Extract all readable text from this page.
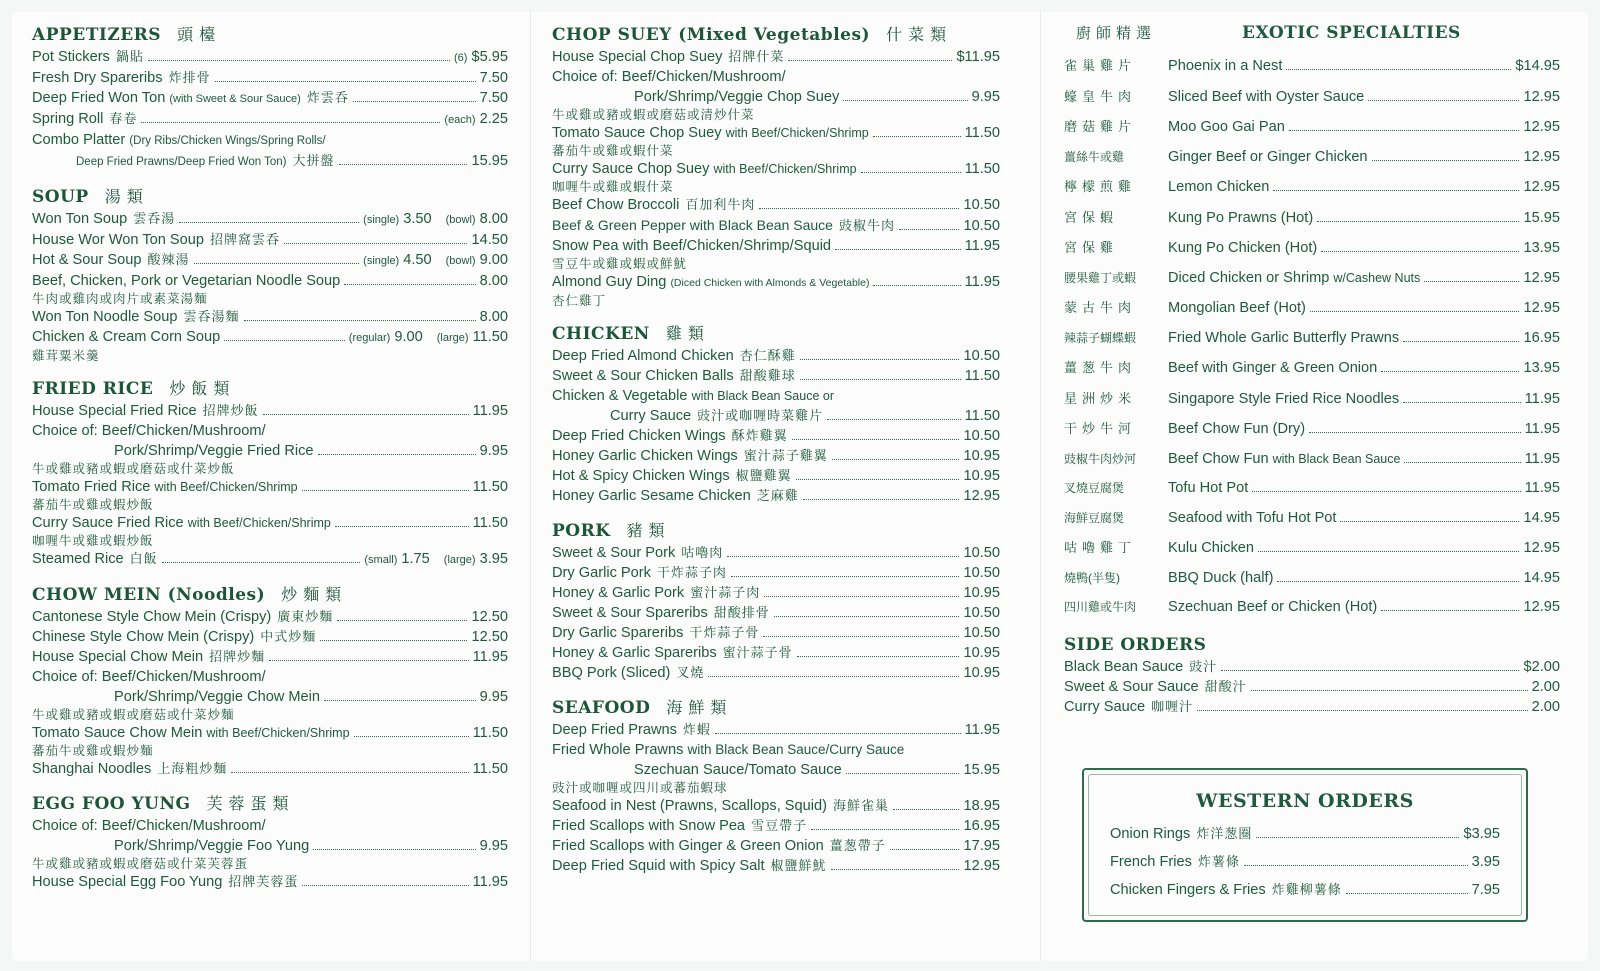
APPETIZERS 頭檯
Pot Stickers 鍋貼	(6) $5.95
Fresh Dry Spareribs 炸排骨	7.50
Deep Fried Won Ton (with Sweet & Sour Sauce) 炸雲呑	7.50
Spring Roll 春卷	(each) 2.25
Combo Platter (Dry Ribs/Chicken Wings/Spring Rolls/
Deep Fried Prawns/Deep Fried Won Ton) 大拼盤	15.95
SOUP 湯類
Won Ton Soup 雲呑湯	(single) 3.50 (bowl) 8.00
House Wor Won Ton Soup 招牌窩雲呑	14.50
Hot & Sour Soup 酸辣湯	(single) 4.50 (bowl) 9.00
Beef, Chicken, Pork or Vegetarian Noodle Soup	8.00
牛肉或雞肉或肉片或素菜湯麵
Won Ton Noodle Soup 雲呑湯麵	8.00
Chicken & Cream Corn Soup	(regular) 9.00 (large) 11.50
雞茸粟米羹
FRIED RICE 炒飯類
House Special Fried Rice 招牌炒飯	11.95
Choice of: Beef/Chicken/Mushroom/
Pork/Shrimp/Veggie Fried Rice	9.95
牛或雞或豬或蝦或磨菇或什菜炒飯
Tomato Fried Rice with Beef/Chicken/Shrimp	11.50
蕃茄牛或雞或蝦炒飯
Curry Sauce Fried Rice with Beef/Chicken/Shrimp	11.50
咖喱牛或雞或蝦炒飯
Steamed Rice 白飯	(small) 1.75 (large) 3.95
CHOW MEIN (Noodles) 炒麵類
Cantonese Style Chow Mein (Crispy) 廣東炒麵	12.50
Chinese Style Chow Mein (Crispy) 中式炒麵	12.50
House Special Chow Mein 招牌炒麵	11.95
Choice of: Beef/Chicken/Mushroom/
Pork/Shrimp/Veggie Chow Mein	9.95
牛或雞或豬或蝦或磨菇或什菜炒麵
Tomato Sauce Chow Mein with Beef/Chicken/Shrimp	11.50
蕃茄牛或雞或蝦炒麵
Shanghai Noodles 上海粗炒麵	11.50
EGG FOO YUNG 芙蓉蛋類
Choice of: Beef/Chicken/Mushroom/
Pork/Shrimp/Veggie Foo Yung	9.95
牛或雞或豬或蝦或磨菇或什菜芙蓉蛋
House Special Egg Foo Yung 招牌芙蓉蛋	11.95
CHOP SUEY (Mixed Vegetables) 什菜類
House Special Chop Suey 招牌什菜	$11.95
Choice of: Beef/Chicken/Mushroom/
Pork/Shrimp/Veggie Chop Suey	9.95
牛或雞或豬或蝦或磨菇或清炒什菜
Tomato Sauce Chop Suey with Beef/Chicken/Shrimp	11.50
蕃茄牛或雞或蝦什菜
Curry Sauce Chop Suey with Beef/Chicken/Shrimp	11.50
咖喱牛或雞或蝦什菜
Beef Chow Broccoli 百加利牛肉	10.50
Beef & Green Pepper with Black Bean Sauce 豉椒牛肉	10.50
Snow Pea with Beef/Chicken/Shrimp/Squid	11.95
雪豆牛或雞或蝦或鮮魷
Almond Guy Ding (Diced Chicken with Almonds & Vegetable)	11.95
杏仁雞丁
CHICKEN 雞類
Deep Fried Almond Chicken 杏仁酥雞	10.50
Sweet & Sour Chicken Balls 甜酸雞球	11.50
Chicken & Vegetable with Black Bean Sauce or
Curry Sauce 豉汁或咖喱時菜雞片	11.50
Deep Fried Chicken Wings 酥炸雞翼	10.50
Honey Garlic Chicken Wings 蜜汁蒜子雞翼	10.95
Hot & Spicy Chicken Wings 椒鹽雞翼	10.95
Honey Garlic Sesame Chicken 芝麻雞	12.95
PORK 豬類
Sweet & Sour Pork 咕嚕肉	10.50
Dry Garlic Pork 干炸蒜子肉	10.50
Honey & Garlic Pork 蜜汁蒜子肉	10.95
Sweet & Sour Spareribs 甜酸排骨	10.50
Dry Garlic Spareribs 干炸蒜子骨	10.50
Honey & Garlic Spareribs 蜜汁蒜子骨	10.95
BBQ Pork (Sliced) 叉燒	10.95
SEAFOOD 海鮮類
Deep Fried Prawns 炸蝦	11.95
Fried Whole Prawns with Black Bean Sauce/Curry Sauce
Szechuan Sauce/Tomato Sauce	15.95
豉汁或咖喱或四川或蕃茄蝦球
Seafood in Nest (Prawns, Scallops, Squid) 海鮮雀巢	18.95
Fried Scallops with Snow Pea 雪豆帶子	16.95
Fried Scallops with Ginger & Green Onion 薑葱帶子	17.95
Deep Fried Squid with Spicy Salt 椒鹽鮮魷	12.95
廚師精選	EXOTIC SPECIALTIES
雀巢雞片	Phoenix in a Nest	$14.95
蠔皇牛肉	Sliced Beef with Oyster Sauce	12.95
磨菇雞片	Moo Goo Gai Pan	12.95
薑絲牛或雞	Ginger Beef or Ginger Chicken	12.95
檸檬煎雞	Lemon Chicken	12.95
宮保蝦	Kung Po Prawns (Hot)	15.95
宮保雞	Kung Po Chicken (Hot)	13.95
腰果雞丁或蝦	Diced Chicken or Shrimp w/Cashew Nuts	12.95
蒙古牛肉	Mongolian Beef (Hot)	12.95
辣蒜子蝴蝶蝦	Fried Whole Garlic Butterfly Prawns	16.95
薑葱牛肉	Beef with Ginger & Green Onion	13.95
星洲炒米	Singapore Style Fried Rice Noodles	11.95
干炒牛河	Beef Chow Fun (Dry)	11.95
豉椒牛肉炒河	Beef Chow Fun with Black Bean Sauce	11.95
叉燒豆腐煲	Tofu Hot Pot	11.95
海鮮豆腐煲	Seafood with Tofu Hot Pot	14.95
咕嚕雞丁	Kulu Chicken	12.95
燒鴨(半隻)	BBQ Duck (half)	14.95
四川雞或牛肉	Szechuan Beef or Chicken (Hot)	12.95
SIDE ORDERS
Black Bean Sauce 豉汁	$2.00
Sweet & Sour Sauce 甜酸汁	2.00
Curry Sauce 咖喱汁	2.00
WESTERN ORDERS
Onion Rings 炸洋葱圈	$3.95
French Fries 炸薯條	3.95
Chicken Fingers & Fries 炸雞柳薯條	7.95
